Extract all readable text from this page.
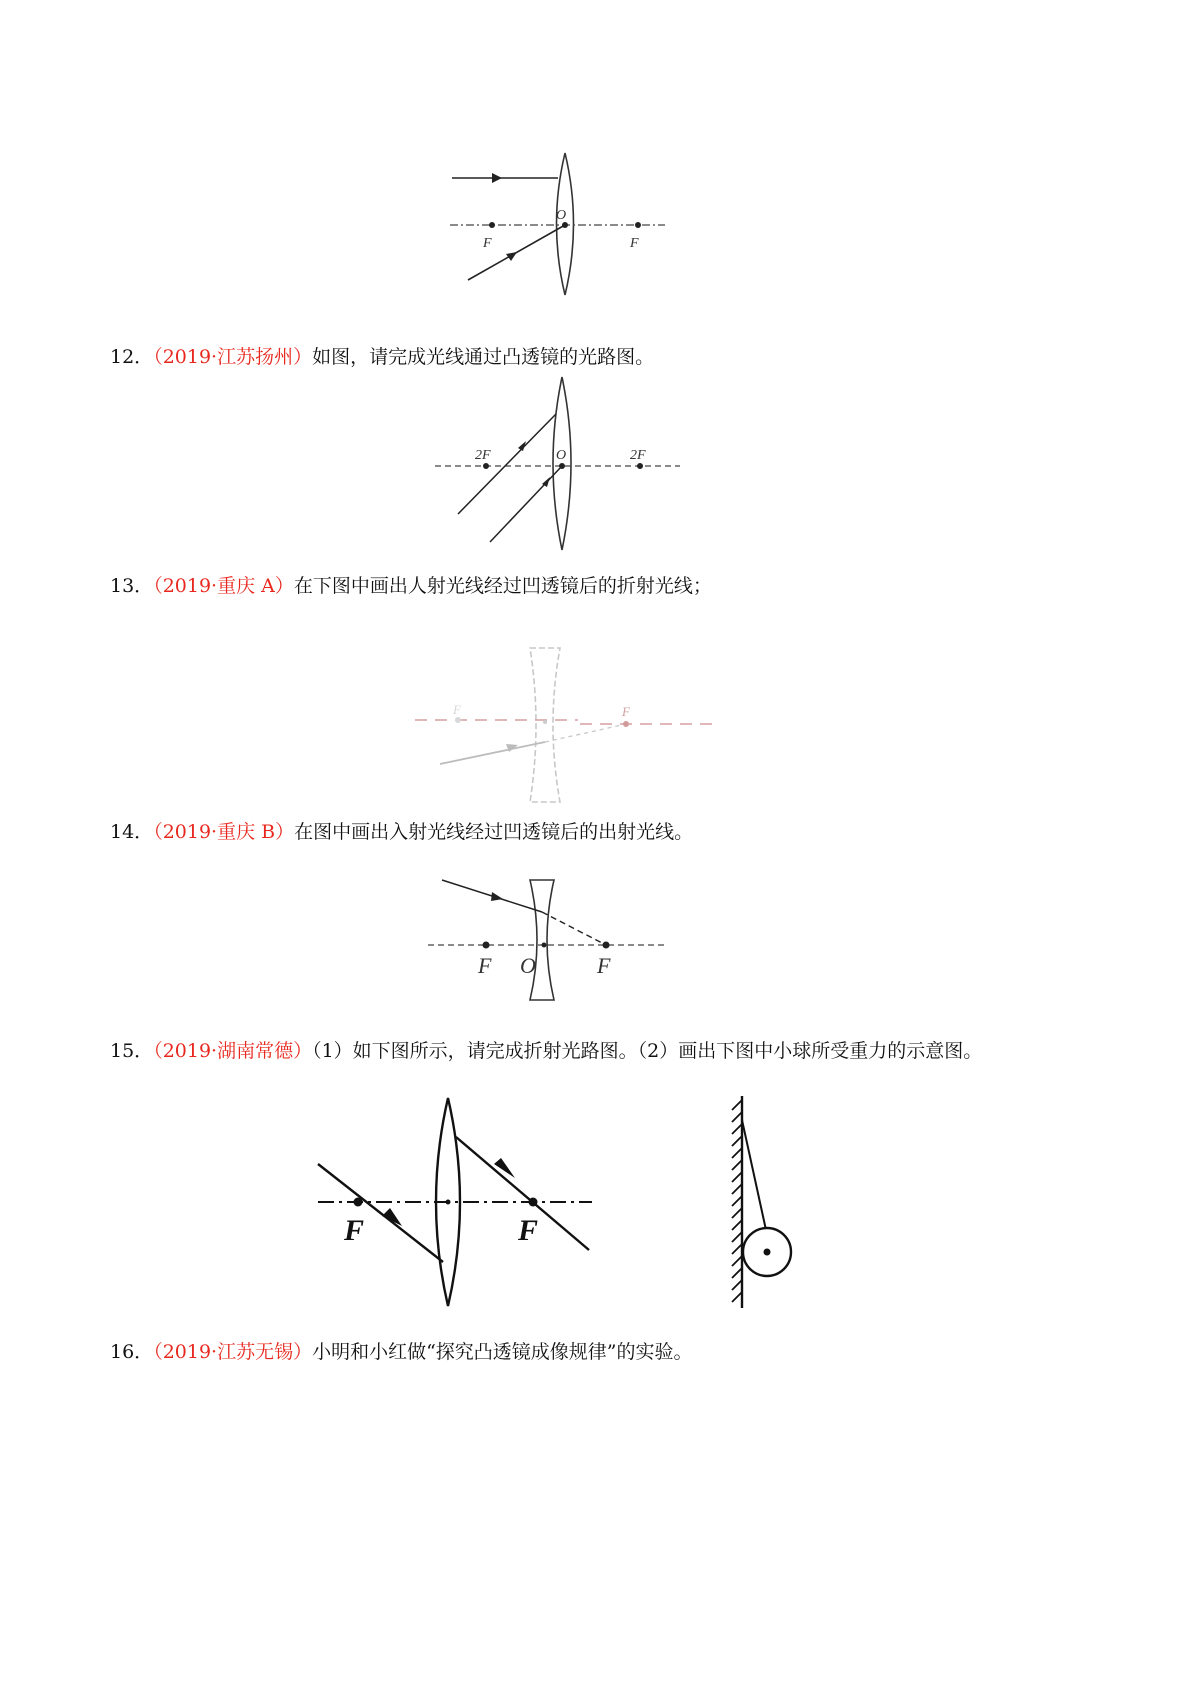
F
O
F
12．（2019·江苏扬州）如图，请完成光线通过凸透镜的光路图。
2F	O	2F
13．（2019·重庆 A）在下图中画出人射光线经过凹透镜后的折射光线；
F	F
14．（2019·重庆 B）在图中画出入射光线经过凹透镜后的出射光线。
F O	F
15．（2019·湖南常德）（1）如下图所示，请完成折射光路图。（2）画出下图中小球所受重力的示意图。
F	F
16．（2019·江苏无锡）小明和小红做“探究凸透镜成像规律”的实验。
